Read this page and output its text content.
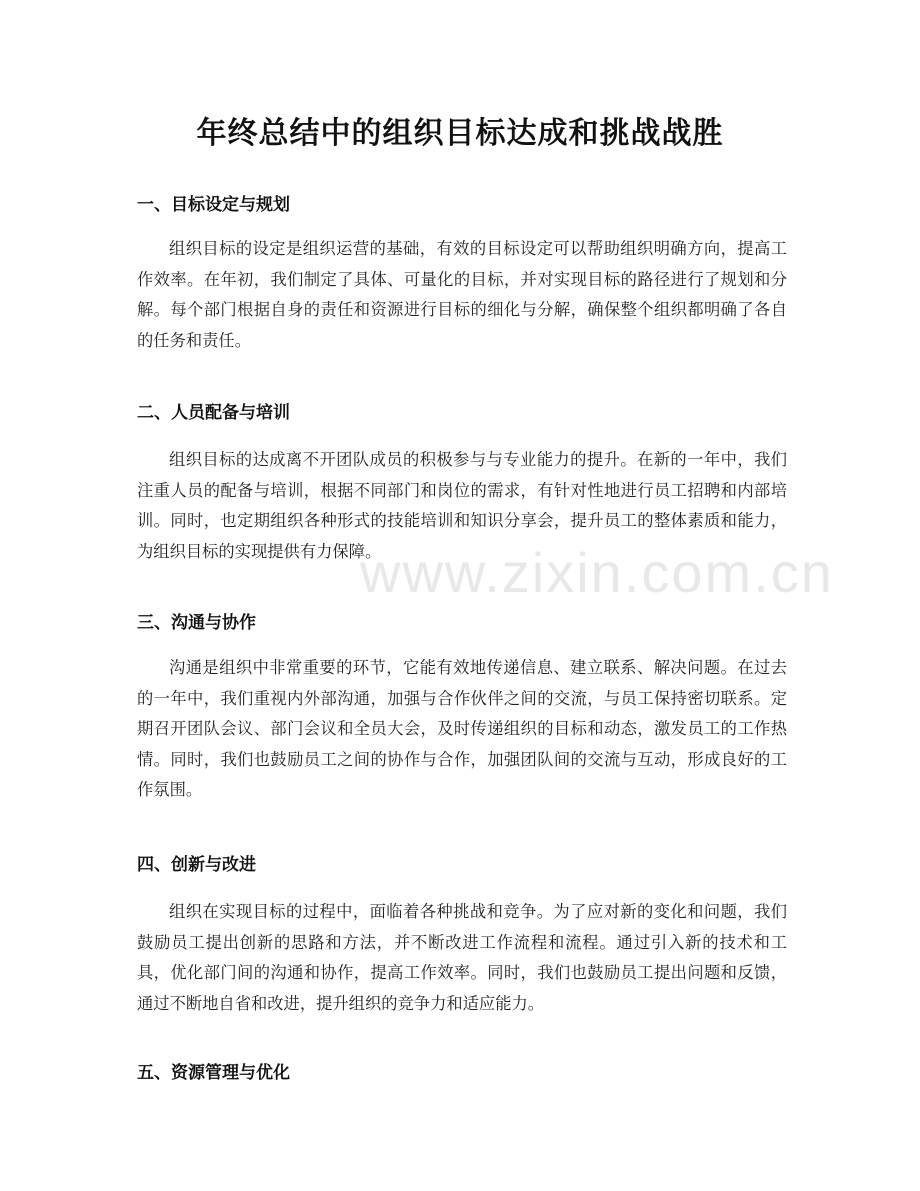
年终总结中的组织目标达成和挑战战胜
一、目标设定与规划

组织目标的设定是组织运营的基础，有效的目标设定可以帮助组织明确方向，提高工作效率。在年初，我们制定了具体、可量化的目标，并对实现目标的路径进行了规划和分解。每个部门根据自身的责任和资源进行目标的细化与分解，确保整个组织都明确了各自的任务和责任。

二、人员配备与培训

组织目标的达成离不开团队成员的积极参与与专业能力的提升。在新的一年中，我们注重人员的配备与培训，根据不同部门和岗位的需求，有针对性地进行员工招聘和内部培训。同时，也定期组织各种形式的技能培训和知识分享会，提升员工的整体素质和能力，为组织目标的实现提供有力保障。

三、沟通与协作

沟通是组织中非常重要的环节，它能有效地传递信息、建立联系、解决问题。在过去的一年中，我们重视内外部沟通，加强与合作伙伴之间的交流，与员工保持密切联系。定期召开团队会议、部门会议和全员大会，及时传递组织的目标和动态，激发员工的工作热情。同时，我们也鼓励员工之间的协作与合作，加强团队间的交流与互动，形成良好的工作氛围。

四、创新与改进

组织在实现目标的过程中，面临着各种挑战和竞争。为了应对新的变化和问题，我们鼓励员工提出创新的思路和方法，并不断改进工作流程和流程。通过引入新的技术和工具，优化部门间的沟通和协作，提高工作效率。同时，我们也鼓励员工提出问题和反馈，通过不断地自省和改进，提升组织的竞争力和适应能力。

五、资源管理与优化
www.zixin.com.cn
